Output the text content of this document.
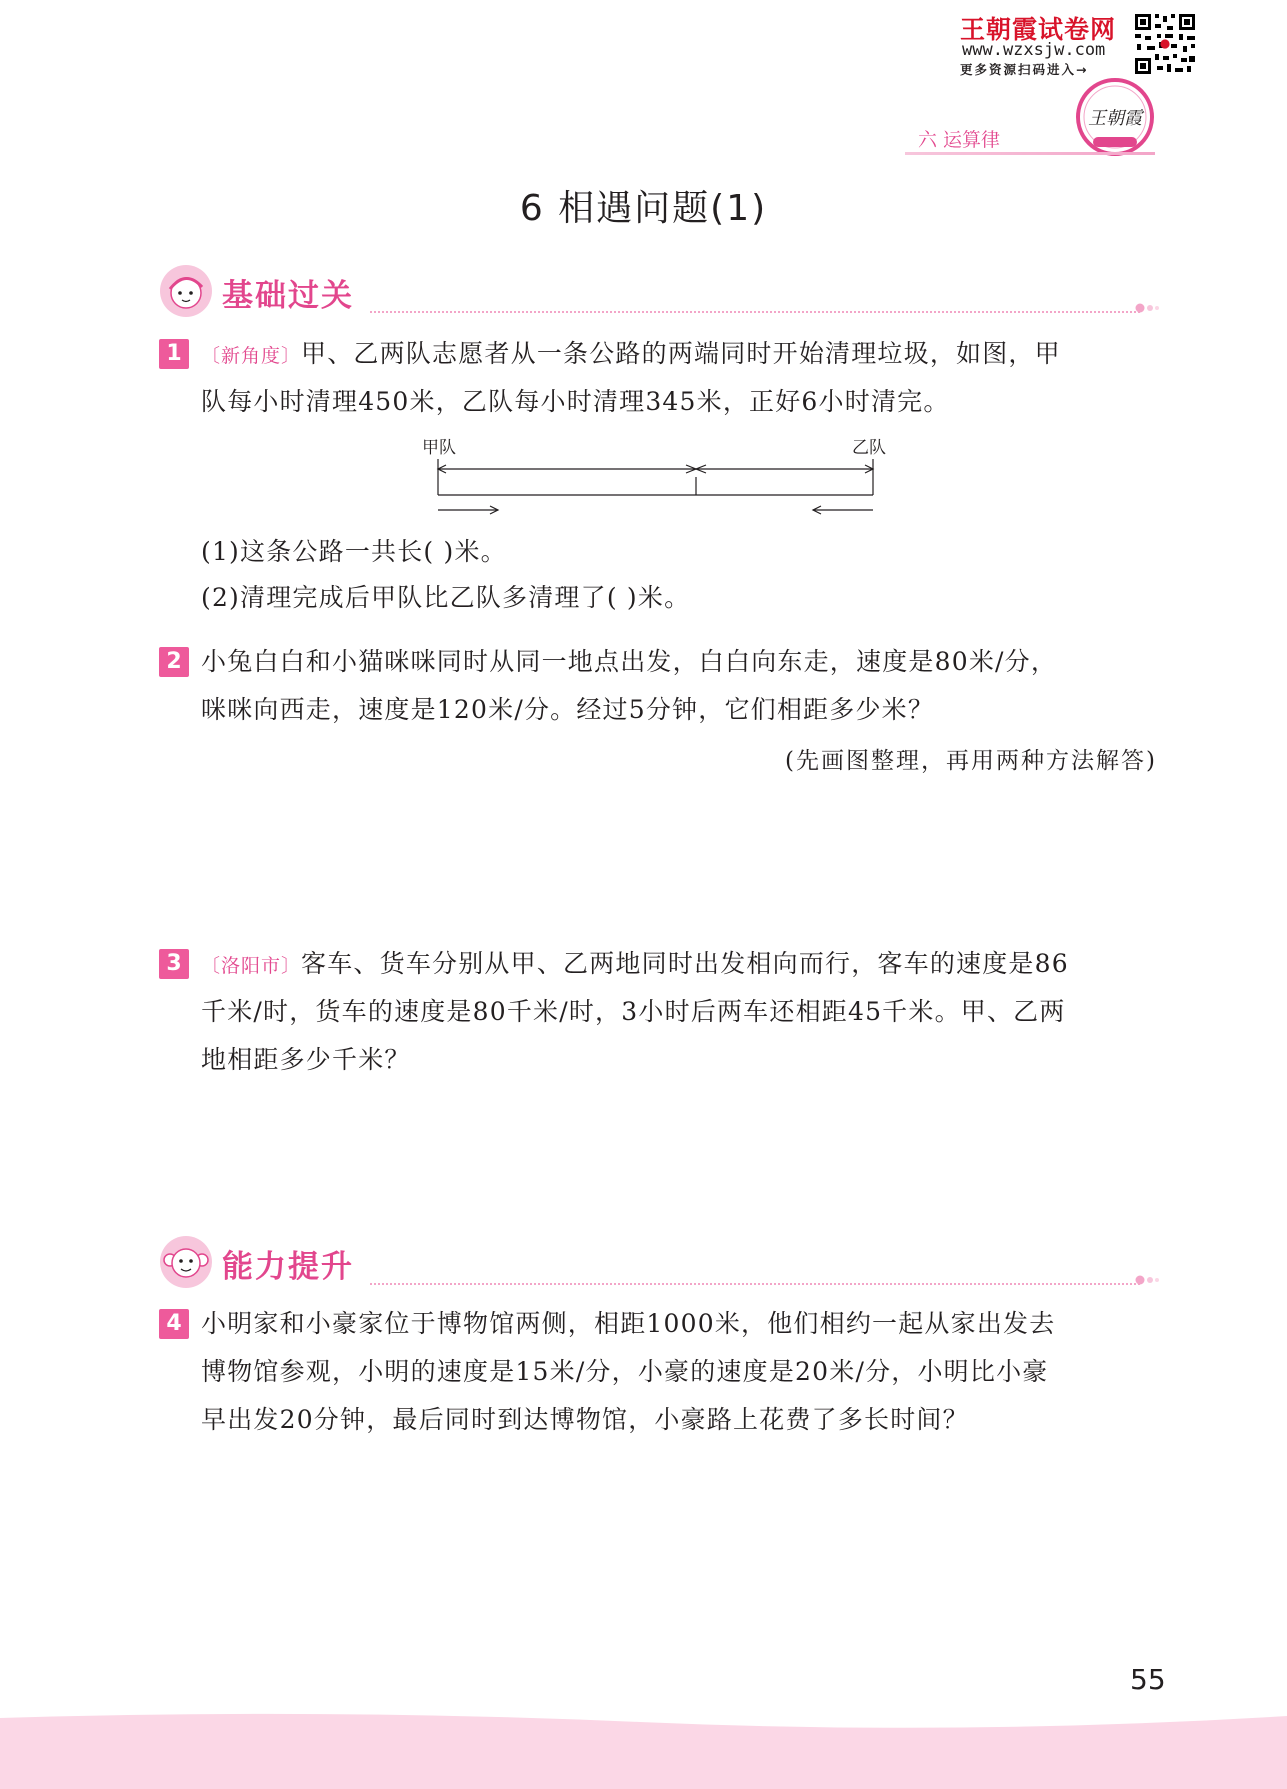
王朝霞试卷网
www.wzxsjw.com
更多资源扫码进入→
王朝霞
六 运算律
6 相遇问题(1)
基础过关
1	〔新角度〕甲、乙两队志愿者从一条公路的两端同时开始清理垃圾，如图，甲
队每小时清理450米，乙队每小时清理345米，正好6小时清完。
甲队	乙队
(1)这条公路一共长( )米。
(2)清理完成后甲队比乙队多清理了( )米。
2 小兔白白和小猫咪咪同时从同一地点出发，白白向东走，速度是80米/分，
咪咪向西走，速度是120米/分。经过5分钟，它们相距多少米？
(先画图整理，再用两种方法解答)
3	〔洛阳市〕客车、货车分别从甲、乙两地同时出发相向而行，客车的速度是86
千米/时，货车的速度是80千米/时，3小时后两车还相距45千米。甲、乙两
地相距多少千米？
能力提升
4 小明家和小豪家位于博物馆两侧，相距1000米，他们相约一起从家出发去
博物馆参观，小明的速度是15米/分，小豪的速度是20米/分，小明比小豪
早出发20分钟，最后同时到达博物馆，小豪路上花费了多长时间？
55
